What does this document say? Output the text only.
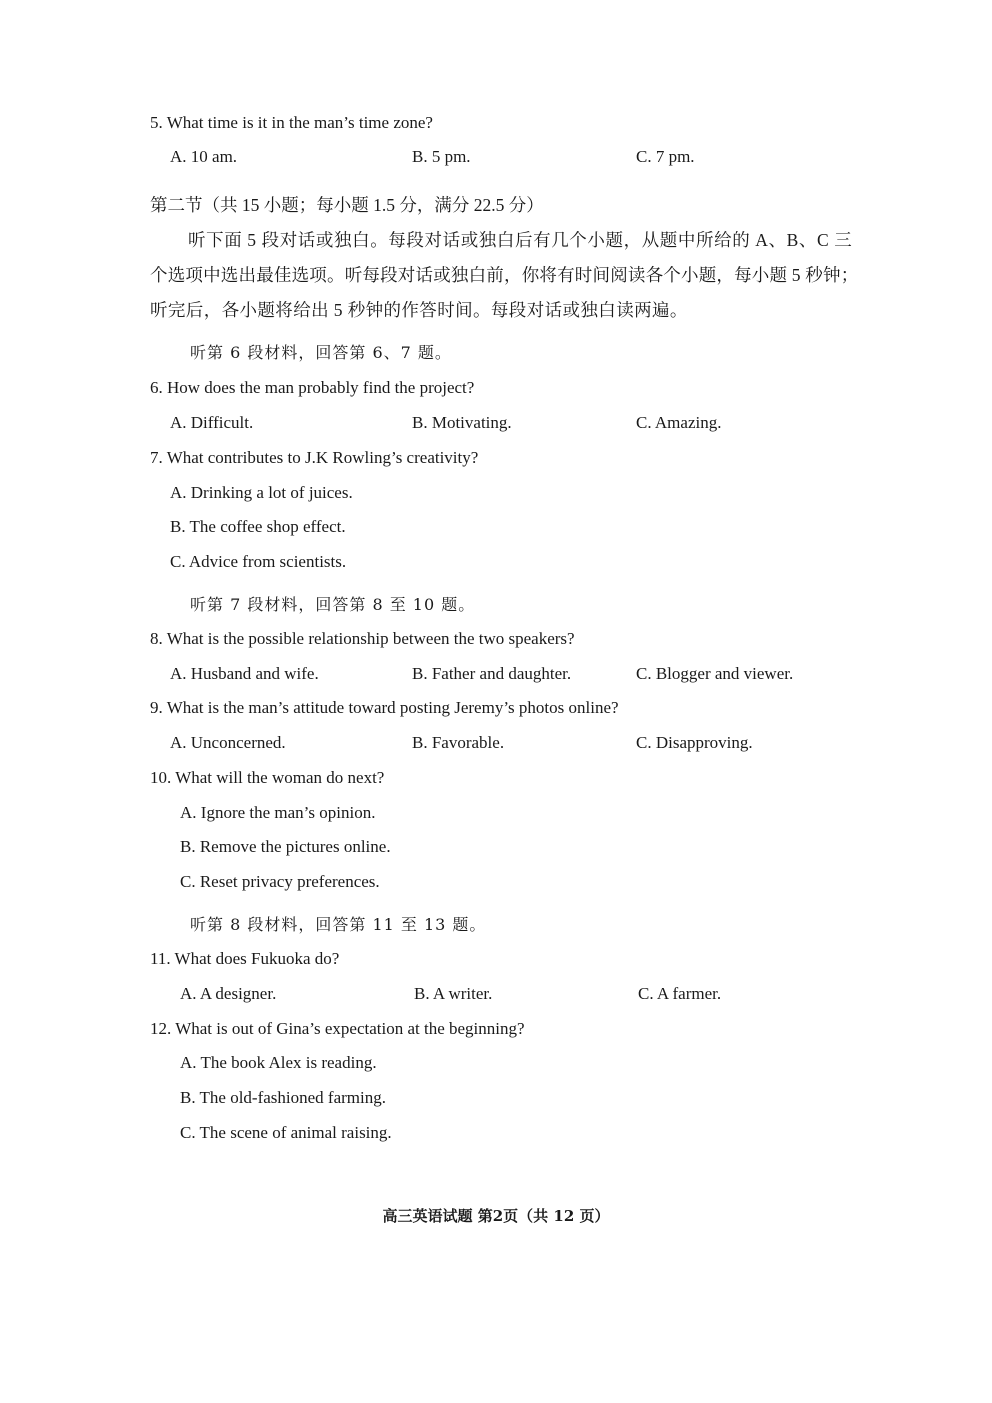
5. What time is it in the man’s time zone?
A. 10 am.	B. 5 pm.	C. 7 pm.
第二节（共 15 小题；每小题 1.5 分，满分 22.5 分）
听下面 5 段对话或独白。每段对话或独白后有几个小题，从题中所给的 A、B、C 三
个选项中选出最佳选项。听每段对话或独白前，你将有时间阅读各个小题，每小题 5 秒钟；
听完后，各小题将给出 5 秒钟的作答时间。每段对话或独白读两遍。
听第 6 段材料，回答第 6、7 题。
6. How does the man probably find the project?
A. Difficult.	B. Motivating.	C. Amazing.
7. What contributes to J.K Rowling’s creativity?
A. Drinking a lot of juices.
B. The coffee shop effect.
C. Advice from scientists.
听第 7 段材料，回答第 8 至 10 题。
8. What is the possible relationship between the two speakers?
A. Husband and wife.	B. Father and daughter.	C. Blogger and viewer.
9. What is the man’s attitude toward posting Jeremy’s photos online?
A. Unconcerned.	B. Favorable.	C. Disapproving.
10. What will the woman do next?
A. Ignore the man’s opinion.
B. Remove the pictures online.
C. Reset privacy preferences.
听第 8 段材料，回答第 11 至 13 题。
11. What does Fukuoka do?
A. A designer.	B. A writer.	C. A farmer.
12. What is out of Gina’s expectation at the beginning?
A. The book Alex is reading.
B. The old-fashioned farming.
C. The scene of animal raising.
高三英语试题 第2页（共 12 页）
